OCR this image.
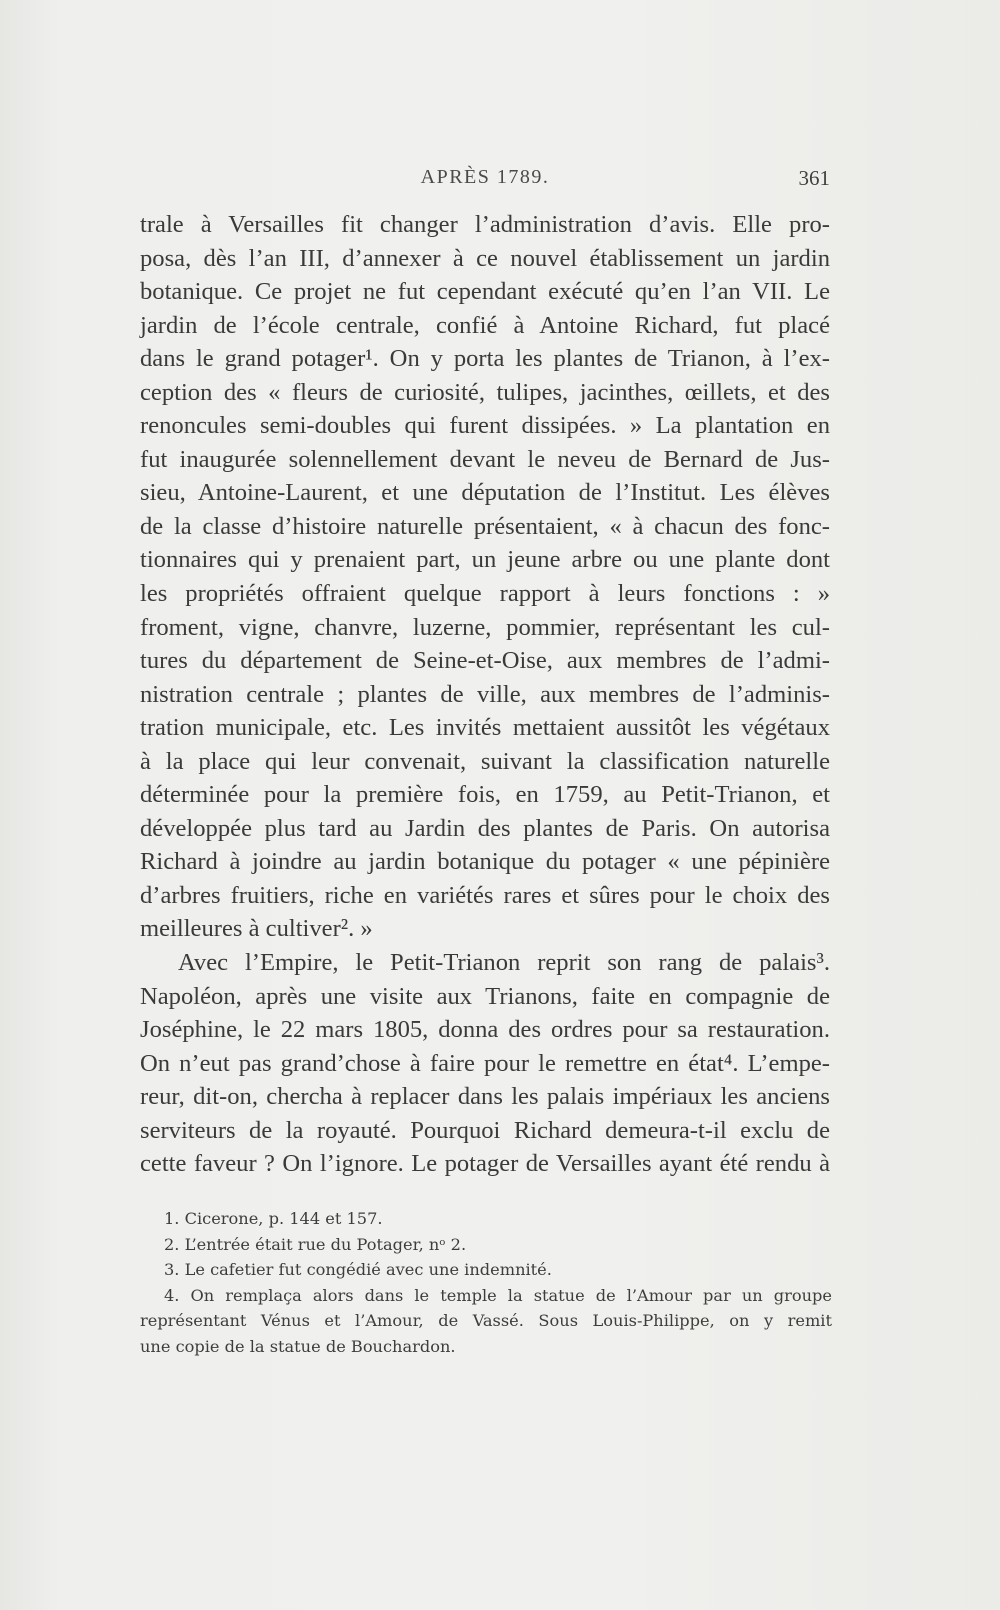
APRÈS 1789.	361
trale à Versailles fit changer l’administration d’avis. Elle pro-
posa, dès l’an III, d’annexer à ce nouvel établissement un jardin
botanique. Ce projet ne fut cependant exécuté qu’en l’an VII. Le
jardin de l’école centrale, confié à Antoine Richard, fut placé
dans le grand potager¹. On y porta les plantes de Trianon, à l’ex-
ception des « fleurs de curiosité, tulipes, jacinthes, œillets, et des
renoncules semi-doubles qui furent dissipées. » La plantation en
fut inaugurée solennellement devant le neveu de Bernard de Jus-
sieu, Antoine-Laurent, et une députation de l’Institut. Les élèves
de la classe d’histoire naturelle présentaient, « à chacun des fonc-
tionnaires qui y prenaient part, un jeune arbre ou une plante dont
les propriétés offraient quelque rapport à leurs fonctions : »
froment, vigne, chanvre, luzerne, pommier, représentant les cul-
tures du département de Seine-et-Oise, aux membres de l’admi-
nistration centrale ; plantes de ville, aux membres de l’adminis-
tration municipale, etc. Les invités mettaient aussitôt les végétaux
à la place qui leur convenait, suivant la classification naturelle
déterminée pour la première fois, en 1759, au Petit-Trianon, et
développée plus tard au Jardin des plantes de Paris. On autorisa
Richard à joindre au jardin botanique du potager « une pépinière
d’arbres fruitiers, riche en variétés rares et sûres pour le choix des
meilleures à cultiver². »
Avec l’Empire, le Petit-Trianon reprit son rang de palais³.
Napoléon, après une visite aux Trianons, faite en compagnie de
Joséphine, le 22 mars 1805, donna des ordres pour sa restauration.
On n’eut pas grand’chose à faire pour le remettre en état⁴. L’empe-
reur, dit-on, chercha à replacer dans les palais impériaux les anciens
serviteurs de la royauté. Pourquoi Richard demeura-t-il exclu de
cette faveur ? On l’ignore. Le potager de Versailles ayant été rendu à
1. Cicerone, p. 144 et 157.
2. L’entrée était rue du Potager, nᵒ 2.
3. Le cafetier fut congédié avec une indemnité.
4. On remplaça alors dans le temple la statue de l’Amour par un groupe
représentant Vénus et l’Amour, de Vassé. Sous Louis-Philippe, on y remit
une copie de la statue de Bouchardon.
